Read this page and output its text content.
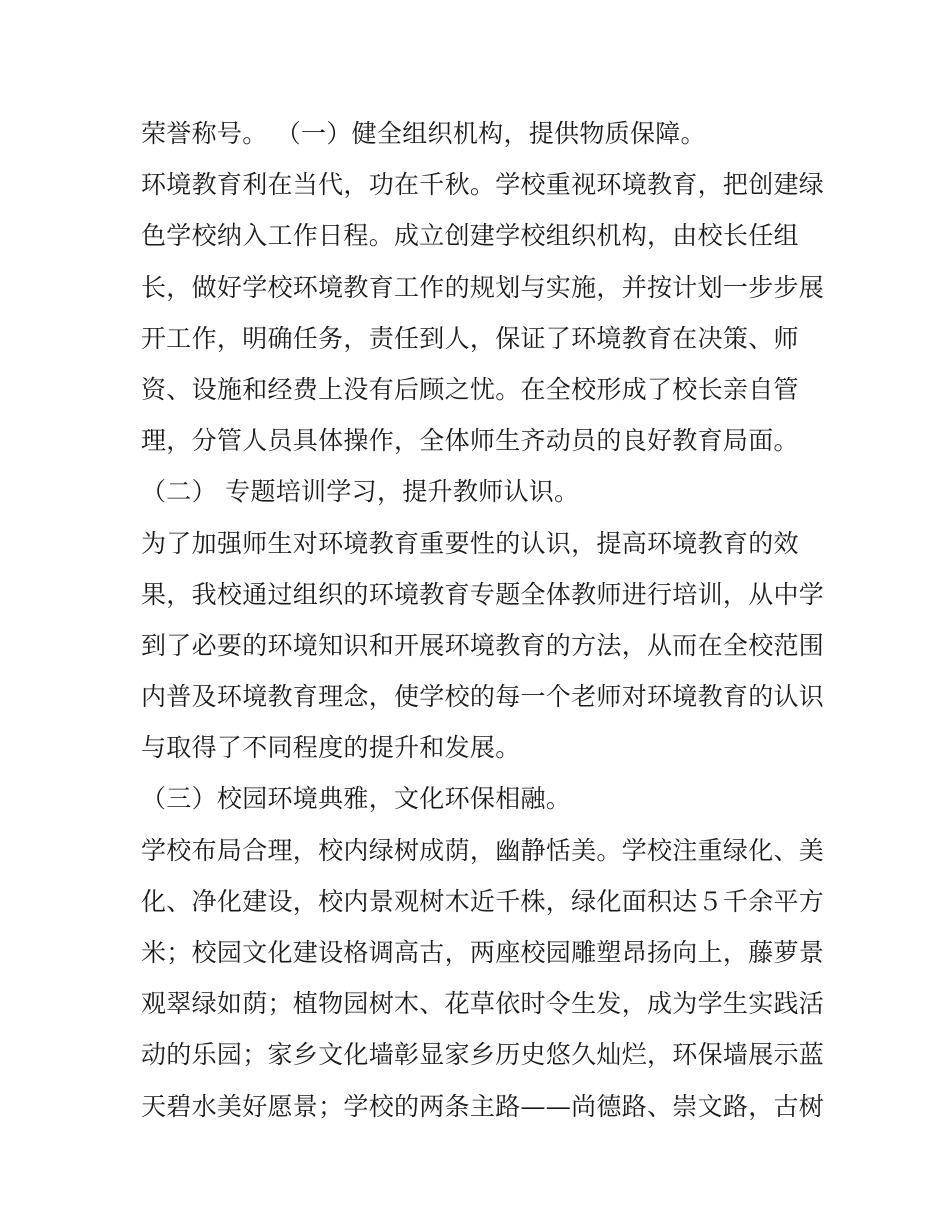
荣誉称号。 （一）健全组织机构，提供物质保障。
环境教育利在当代，功在千秋。学校重视环境教育，把创建绿
色学校纳入工作日程。成立创建学校组织机构，由校长任组
长，做好学校环境教育工作的规划与实施，并按计划一步步展
开工作，明确任务，责任到人，保证了环境教育在决策、师
资、设施和经费上没有后顾之忧。在全校形成了校长亲自管
理，分管人员具体操作，全体师生齐动员的良好教育局面。
（二） 专题培训学习，提升教师认识。
为了加强师生对环境教育重要性的认识，提高环境教育的效
果，我校通过组织的环境教育专题全体教师进行培训，从中学
到了必要的环境知识和开展环境教育的方法，从而在全校范围
内普及环境教育理念，使学校的每一个老师对环境教育的认识
与取得了不同程度的提升和发展。
（三）校园环境典雅，文化环保相融。
学校布局合理，校内绿树成荫，幽静恬美。学校注重绿化、美
化、净化建设，校内景观树木近千株，绿化面积达５千余平方
米；校园文化建设格调高古，两座校园雕塑昂扬向上，藤萝景
观翠绿如荫；植物园树木、花草依时令生发，成为学生实践活
动的乐园；家乡文化墙彰显家乡历史悠久灿烂，环保墙展示蓝
天碧水美好愿景；学校的两条主路——尚德路、崇文路，古树
